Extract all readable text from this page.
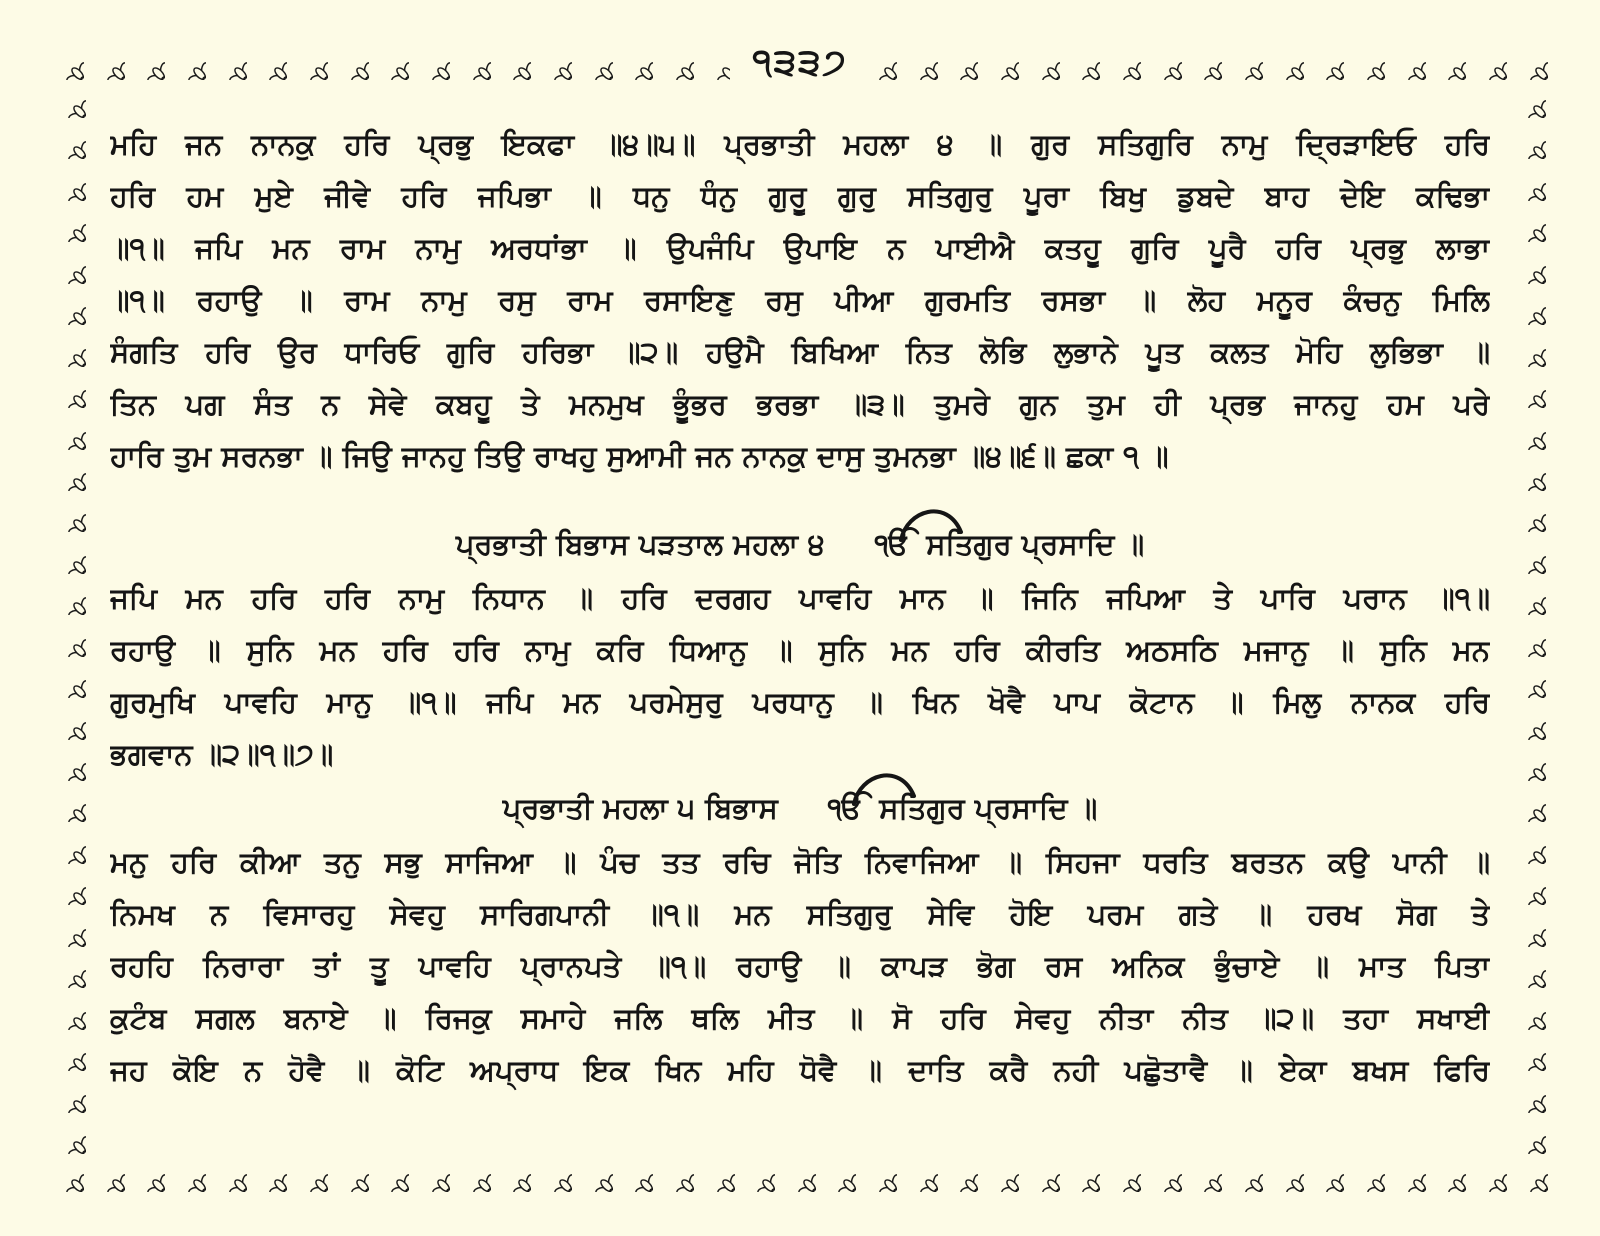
੧੩੩੭
ਮਹਿ ਜਨ ਨਾਨਕੁ ਹਰਿ ਪ੍ਰਭੁ ਇਕਫਾ ॥੪॥੫॥ ਪ੍ਰਭਾਤੀ ਮਹਲਾ ੪ ॥ ਗੁਰ ਸਤਿਗੁਰਿ ਨਾਮੁ ਦ੍ਰਿੜਾਇਓ ਹਰਿ
ਹਰਿ ਹਮ ਮੁਏ ਜੀਵੇ ਹਰਿ ਜਪਿਭਾ ॥ ਧਨੁ ਧੰਨੁ ਗੁਰੂ ਗੁਰੁ ਸਤਿਗੁਰੁ ਪੂਰਾ ਬਿਖੁ ਡੁਬਦੇ ਬਾਹ ਦੇਇ ਕਢਿਭਾ
॥੧॥ ਜਪਿ ਮਨ ਰਾਮ ਨਾਮੁ ਅਰਧਾਂਭਾ ॥ ਉਪਜੰਪਿ ਉਪਾਇ ਨ ਪਾਈਐ ਕਤਹੂ ਗੁਰਿ ਪੂਰੈ ਹਰਿ ਪ੍ਰਭੁ ਲਾਭਾ
॥੧॥ ਰਹਾਉ ॥ ਰਾਮ ਨਾਮੁ ਰਸੁ ਰਾਮ ਰਸਾਇਣੁ ਰਸੁ ਪੀਆ ਗੁਰਮਤਿ ਰਸਭਾ ॥ ਲੋਹ ਮਨੂਰ ਕੰਚਨੁ ਮਿਲਿ
ਸੰਗਤਿ ਹਰਿ ਉਰ ਧਾਰਿਓ ਗੁਰਿ ਹਰਿਭਾ ॥੨॥ ਹਉਮੈ ਬਿਖਿਆ ਨਿਤ ਲੋਭਿ ਲੁਭਾਨੇ ਪੂਤ ਕਲਤ ਮੋਹਿ ਲੁਭਿਭਾ ॥
ਤਿਨ ਪਗ ਸੰਤ ਨ ਸੇਵੇ ਕਬਹੂ ਤੇ ਮਨਮੁਖ ਭੂੰਭਰ ਭਰਭਾ ॥੩॥ ਤੁਮਰੇ ਗੁਨ ਤੁਮ ਹੀ ਪ੍ਰਭ ਜਾਨਹੁ ਹਮ ਪਰੇ
ਹਾਰਿ ਤੁਮ ਸਰਨਭਾ ॥ ਜਿਉ ਜਾਨਹੁ ਤਿਉ ਰਾਖਹੁ ਸੁਆਮੀ ਜਨ ਨਾਨਕੁ ਦਾਸੁ ਤੁਮਨਭਾ ॥੪॥੬॥ ਛਕਾ ੧ ॥
ਪ੍ਰਭਾਤੀ ਬਿਭਾਸ ਪੜਤਾਲ ਮਹਲਾ ੪ ੴ ਸਤਿਗੁਰ ਪ੍ਰਸਾਦਿ ॥
ਜਪਿ ਮਨ ਹਰਿ ਹਰਿ ਨਾਮੁ ਨਿਧਾਨ ॥ ਹਰਿ ਦਰਗਹ ਪਾਵਹਿ ਮਾਨ ॥ ਜਿਨਿ ਜਪਿਆ ਤੇ ਪਾਰਿ ਪਰਾਨ ॥੧॥
ਰਹਾਉ ॥ ਸੁਨਿ ਮਨ ਹਰਿ ਹਰਿ ਨਾਮੁ ਕਰਿ ਧਿਆਨੁ ॥ ਸੁਨਿ ਮਨ ਹਰਿ ਕੀਰਤਿ ਅਠਸਠਿ ਮਜਾਨੁ ॥ ਸੁਨਿ ਮਨ
ਗੁਰਮੁਖਿ ਪਾਵਹਿ ਮਾਨੁ ॥੧॥ ਜਪਿ ਮਨ ਪਰਮੇਸੁਰੁ ਪਰਧਾਨੁ ॥ ਖਿਨ ਖੋਵੈ ਪਾਪ ਕੋਟਾਨ ॥ ਮਿਲੁ ਨਾਨਕ ਹਰਿ
ਭਗਵਾਨ ॥੨॥੧॥੭॥
ਪ੍ਰਭਾਤੀ ਮਹਲਾ ੫ ਬਿਭਾਸ ੴ ਸਤਿਗੁਰ ਪ੍ਰਸਾਦਿ ॥
ਮਨੁ ਹਰਿ ਕੀਆ ਤਨੁ ਸਭੁ ਸਾਜਿਆ ॥ ਪੰਚ ਤਤ ਰਚਿ ਜੋਤਿ ਨਿਵਾਜਿਆ ॥ ਸਿਹਜਾ ਧਰਤਿ ਬਰਤਨ ਕਉ ਪਾਨੀ ॥
ਨਿਮਖ ਨ ਵਿਸਾਰਹੁ ਸੇਵਹੁ ਸਾਰਿਗਪਾਨੀ ॥੧॥ ਮਨ ਸਤਿਗੁਰੁ ਸੇਵਿ ਹੋਇ ਪਰਮ ਗਤੇ ॥ ਹਰਖ ਸੋਗ ਤੇ
ਰਹਹਿ ਨਿਰਾਰਾ ਤਾਂ ਤੂ ਪਾਵਹਿ ਪ੍ਰਾਨਪਤੇ ॥੧॥ ਰਹਾਉ ॥ ਕਾਪੜ ਭੋਗ ਰਸ ਅਨਿਕ ਭੁੰਚਾਏ ॥ ਮਾਤ ਪਿਤਾ
ਕੁਟੰਬ ਸਗਲ ਬਨਾਏ ॥ ਰਿਜਕੁ ਸਮਾਹੇ ਜਲਿ ਥਲਿ ਮੀਤ ॥ ਸੋ ਹਰਿ ਸੇਵਹੁ ਨੀਤਾ ਨੀਤ ॥੨॥ ਤਹਾ ਸਖਾਈ
ਜਹ ਕੋਇ ਨ ਹੋਵੈ ॥ ਕੋਟਿ ਅਪ੍ਰਾਧ ਇਕ ਖਿਨ ਮਹਿ ਧੋਵੈ ॥ ਦਾਤਿ ਕਰੈ ਨਹੀ ਪਛੋੁਤਾਵੈ ॥ ਏਕਾ ਬਖਸ ਫਿਰਿ
